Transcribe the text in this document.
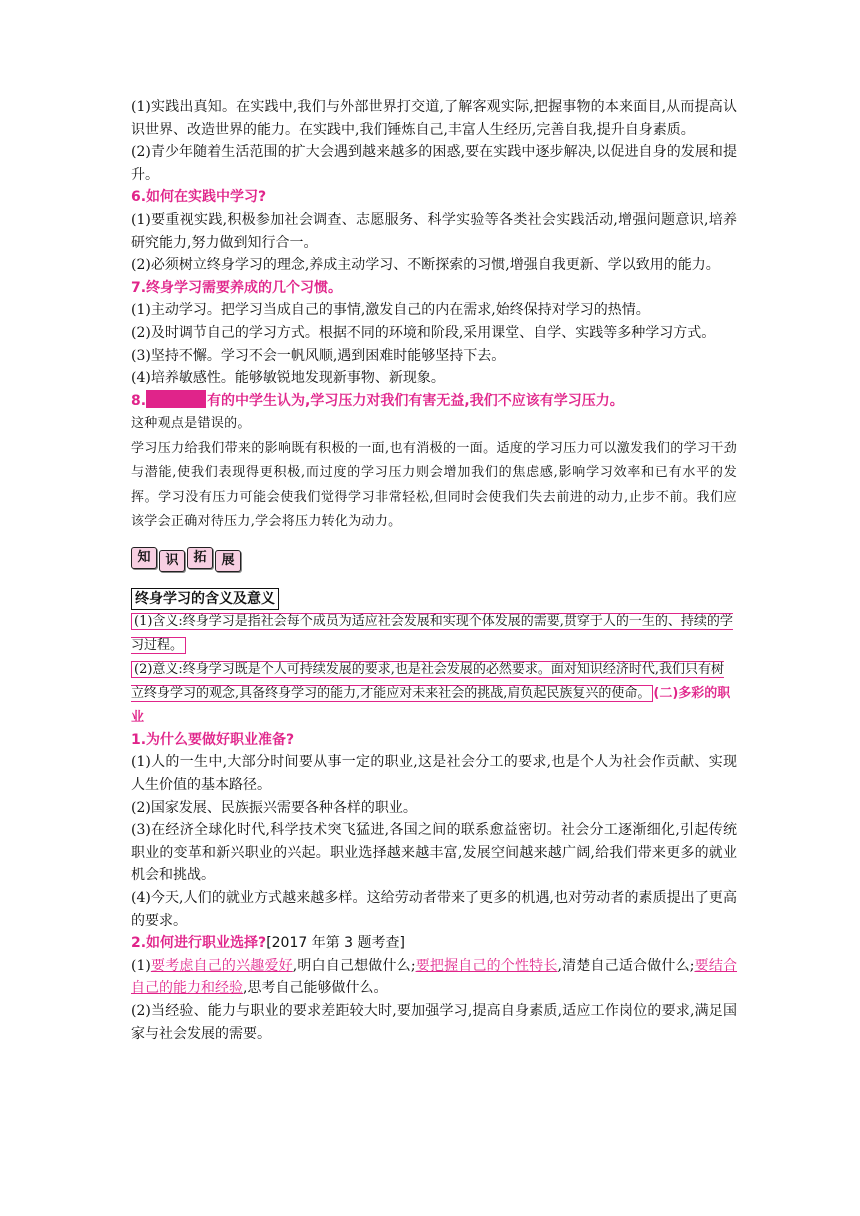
(1)实践出真知。在实践中,我们与外部世界打交道,了解客观实际,把握事物的本来面目,从而提高认识世界、改造世界的能力。在实践中,我们锤炼自己,丰富人生经历,完善自我,提升自身素质。

(2)青少年随着生活范围的扩大会遇到越来越多的困惑,要在实践中逐步解决,以促进自身的发展和提升。

6.如何在实践中学习?

(1)要重视实践,积极参加社会调查、志愿服务、科学实验等各类社会实践活动,增强问题意识,培养研究能力,努力做到知行合一。

(2)必须树立终身学习的理念,养成主动学习、不断探索的习惯,增强自我更新、学以致用的能力。

7.终身学习需要养成的几个习惯。

(1)主动学习。把学习当成自己的事情,激发自己的内在需求,始终保持对学习的热情。

(2)及时调节自己的学习方式。根据不同的环境和阶段,采用课堂、自学、实践等多种学习方式。

(3)坚持不懈。学习不会一帆风顺,遇到困难时能够坚持下去。

(4)培养敏感性。能够敏锐地发现新事物、新现象。

8.	有的中学生认为,学习压力对我们有害无益,我们不应该有学习压力。

这种观点是错误的。

学习压力给我们带来的影响既有积极的一面,也有消极的一面。适度的学习压力可以激发我们的学习干劲与潜能,使我们表现得更积极,而过度的学习压力则会增加我们的焦虑感,影响学习效率和已有水平的发挥。学习没有压力可能会使我们觉得学习非常轻松,但同时会使我们失去前进的动力,止步不前。我们应该学会正确对待压力,学会将压力转化为动力。

知	识	拓	展
终身学习的含义及意义

(1)含义:终身学习是指社会每个成员为适应社会发展和实现个体发展的需要,贯穿于人的一生的、持续的学习过程。

(2)意义:终身学习既是个人可持续发展的要求,也是社会发展的必然要求。面对知识经济时代,我们只有树立终身学习的观念,具备终身学习的能力,才能应对未来社会的挑战,肩负起民族复兴的使命。 (二)多彩的职业

1.为什么要做好职业准备?

(1)人的一生中,大部分时间要从事一定的职业,这是社会分工的要求,也是个人为社会作贡献、实现人生价值的基本路径。

(2)国家发展、民族振兴需要各种各样的职业。

(3)在经济全球化时代,科学技术突飞猛进,各国之间的联系愈益密切。社会分工逐渐细化,引起传统职业的变革和新兴职业的兴起。职业选择越来越丰富,发展空间越来越广阔,给我们带来更多的就业机会和挑战。

(4)今天,人们的就业方式越来越多样。这给劳动者带来了更多的机遇,也对劳动者的素质提出了更高的要求。

2.如何进行职业选择?[2017 年第 3 题考查]

(1)要考虑自己的兴趣爱好,明白自己想做什么;要把握自己的个性特长,清楚自己适合做什么;要结合自己的能力和经验,思考自己能够做什么。

(2)当经验、能力与职业的要求差距较大时,要加强学习,提高自身素质,适应工作岗位的要求,满足国家与社会发展的需要。
